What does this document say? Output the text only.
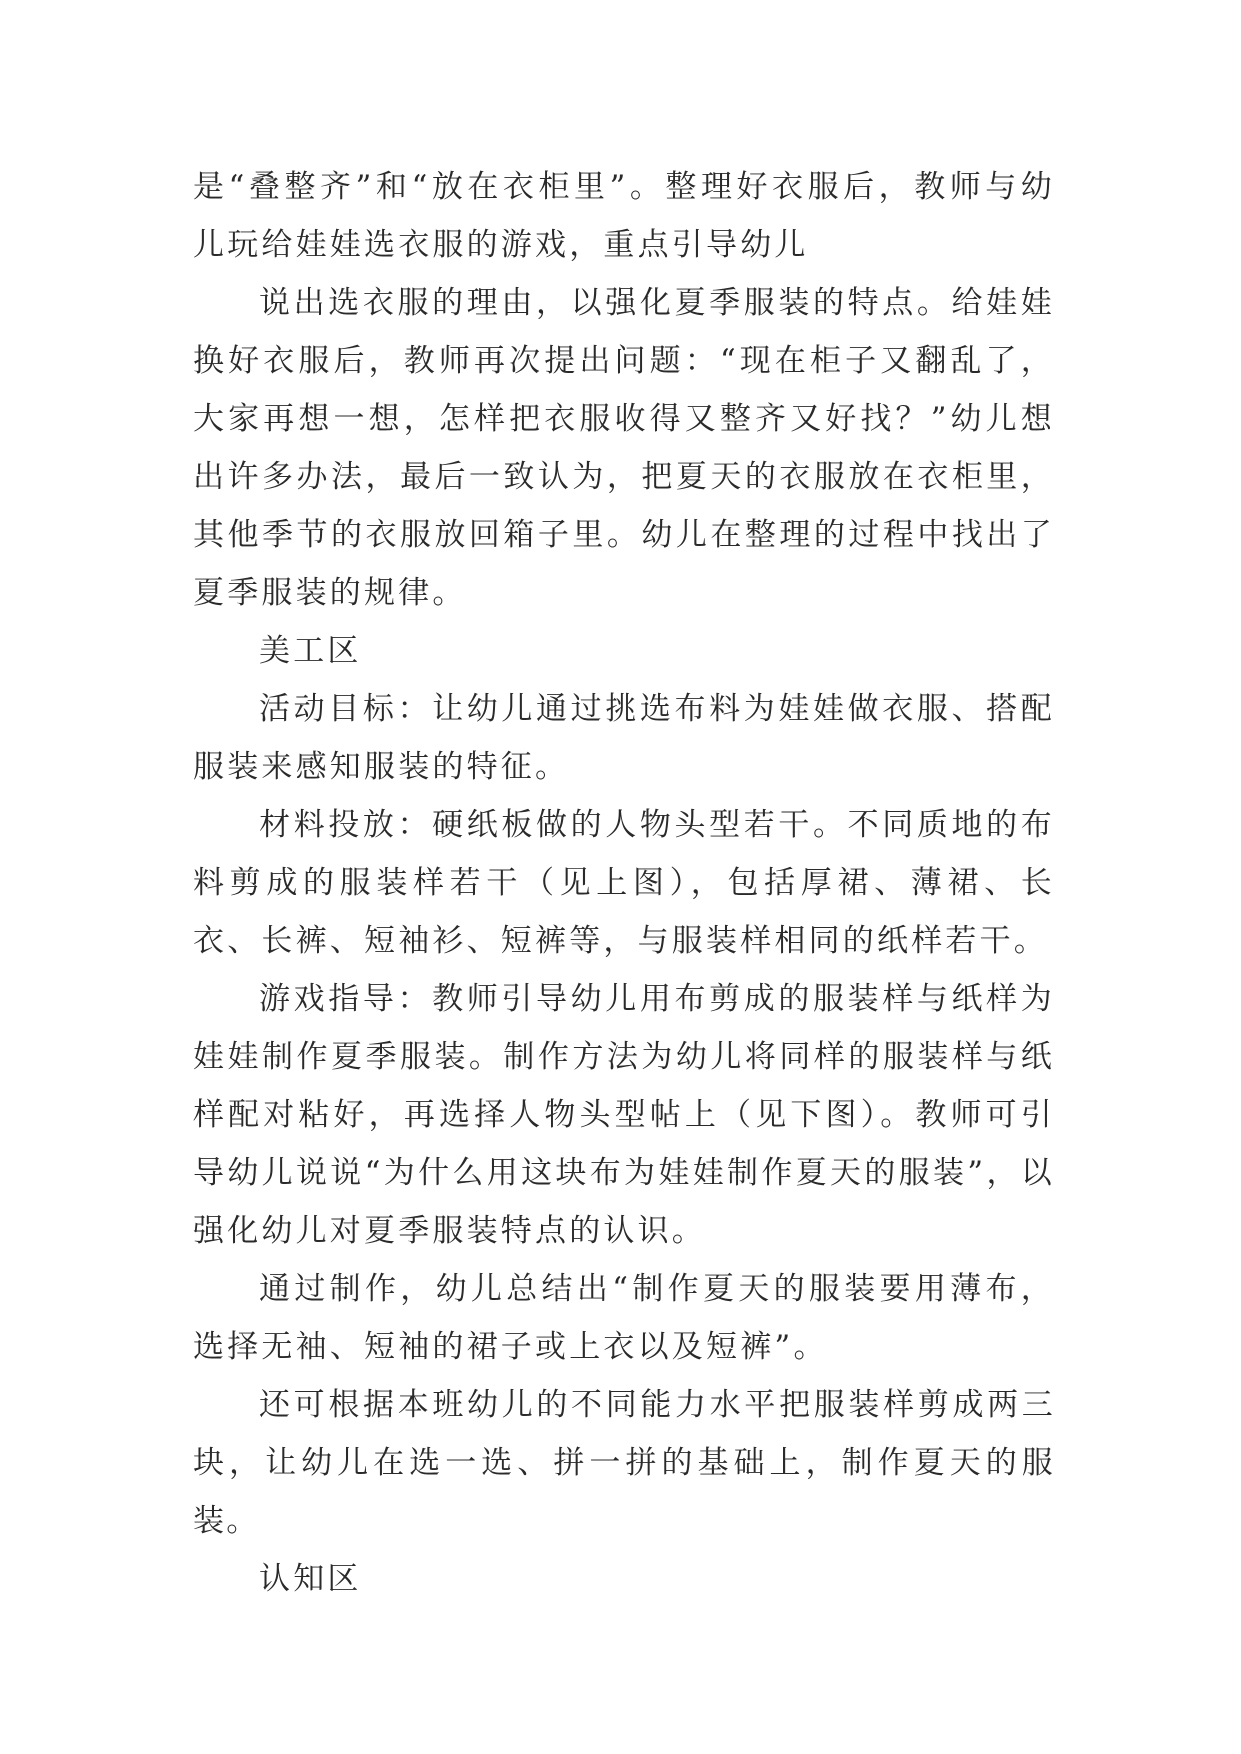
是“叠整齐”和“放在衣柜里”。整理好衣服后，教师与幼儿玩给娃娃选衣服的游戏，重点引导幼儿

说出选衣服的理由，以强化夏季服装的特点。给娃娃换好衣服后，教师再次提出问题：“现在柜子又翻乱了，大家再想一想，怎样把衣服收得又整齐又好找？”幼儿想出许多办法，最后一致认为，把夏天的衣服放在衣柜里，其他季节的衣服放回箱子里。幼儿在整理的过程中找出了夏季服装的规律。

美工区

活动目标：让幼儿通过挑选布料为娃娃做衣服、搭配服装来感知服装的特征。

材料投放：硬纸板做的人物头型若干。不同质地的布料剪成的服装样若干（见上图），包括厚裙、薄裙、长衣、长裤、短袖衫、短裤等，与服装样相同的纸样若干。

游戏指导：教师引导幼儿用布剪成的服装样与纸样为娃娃制作夏季服装。制作方法为幼儿将同样的服装样与纸样配对粘好，再选择人物头型帖上（见下图）。教师可引导幼儿说说“为什么用这块布为娃娃制作夏天的服装”，以强化幼儿对夏季服装特点的认识。

通过制作，幼儿总结出“制作夏天的服装要用薄布，选择无袖、短袖的裙子或上衣以及短裤”。

还可根据本班幼儿的不同能力水平把服装样剪成两三块，让幼儿在选一选、拼一拼的基础上，制作夏天的服装。

认知区
